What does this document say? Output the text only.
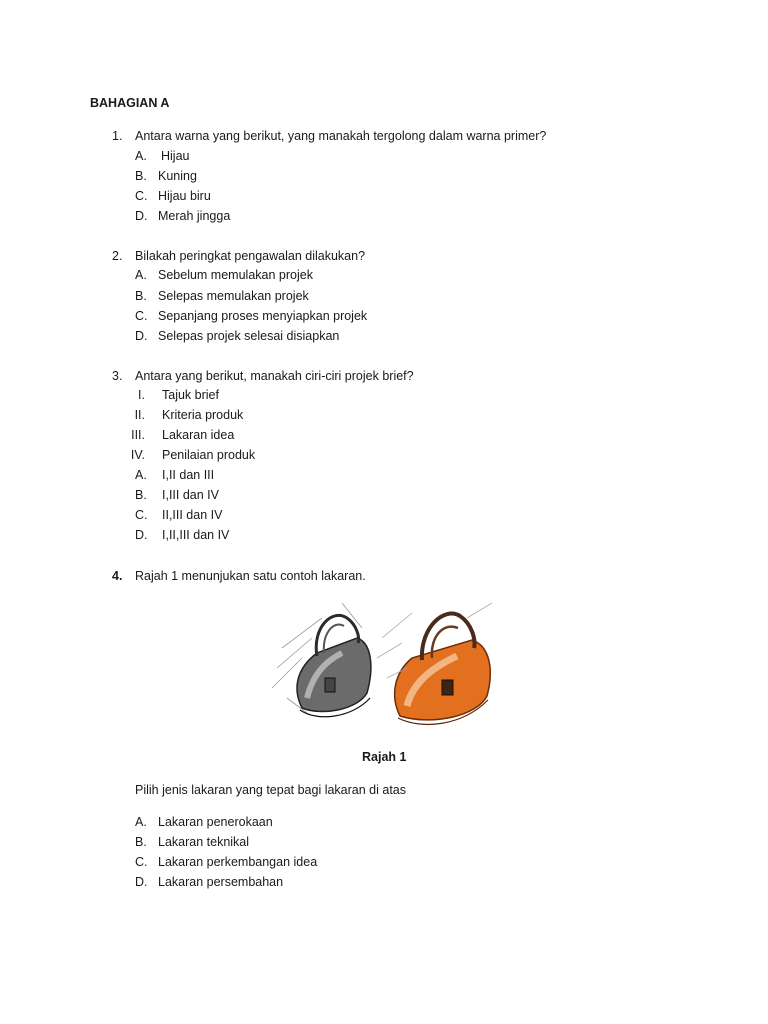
BAHAGIAN A
1. Antara warna yang berikut, yang manakah tergolong dalam warna primer?
A. Hijau
B. Kuning
C. Hijau biru
D. Merah jingga
2. Bilakah peringkat pengawalan dilakukan?
A. Sebelum memulakan projek
B. Selepas memulakan projek
C. Sepanjang proses menyiapkan projek
D. Selepas projek selesai disiapkan
3. Antara yang berikut, manakah ciri-ciri projek brief?
I. Tajuk brief
II. Kriteria produk
III. Lakaran idea
IV. Penilaian produk
A. I,II dan III
B. I,III dan IV
C. II,III dan IV
D. I,II,III dan IV
4. Rajah 1 menunjukan satu contoh lakaran.
Rajah 1
Pilih jenis lakaran yang tepat bagi lakaran di atas
A. Lakaran penerokaan
B. Lakaran teknikal
C. Lakaran perkembangan idea
D. Lakaran persembahan
